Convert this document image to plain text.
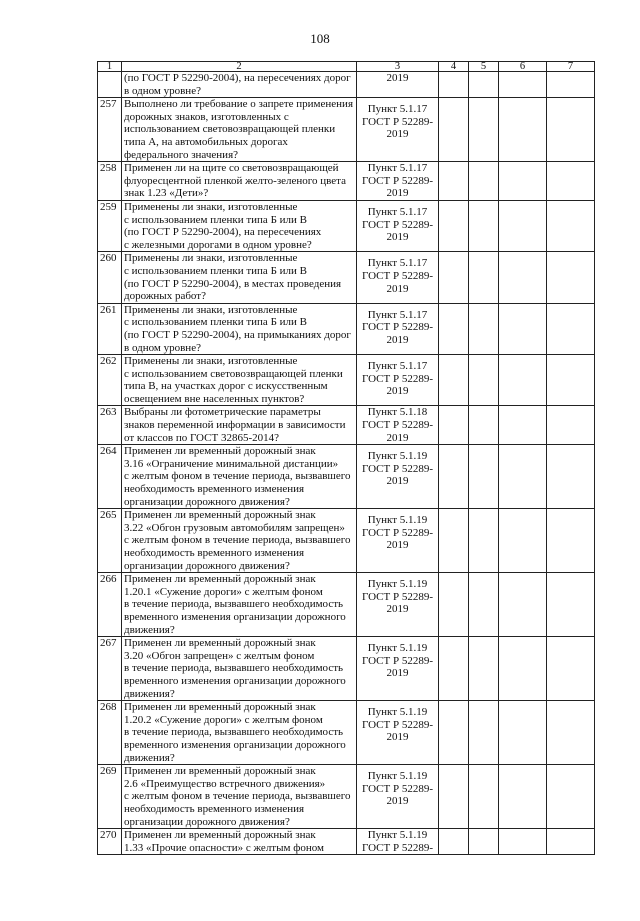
108
1	2	3	4	5	6	7

	(по ГОСТ Р 52290-2004), на пересечениях дорог
в одном уровне?	2019				

257	Выполнено ли требование о запрете применения
дорожных знаков, изготовленных с
использованием световозвращающей пленки
типа А, на автомобильных дорогах
федерального значения?	Пункт 5.1.17
ГОСТ Р 52289-
2019				

258	Применен ли на щите со световозвращающей
флуоресцентной пленкой желто-зеленого цвета
знак 1.23 «Дети»?	Пункт 5.1.17
ГОСТ Р 52289-
2019				

259	Применены ли знаки, изготовленные
с использованием пленки типа Б или В
(по ГОСТ Р 52290-2004), на пересечениях
с железными дорогами в одном уровне?	Пункт 5.1.17
ГОСТ Р 52289-
2019				

260	Применены ли знаки, изготовленные
с использованием пленки типа Б или В
(по ГОСТ Р 52290-2004), в местах проведения
дорожных работ?	Пункт 5.1.17
ГОСТ Р 52289-
2019				

261	Применены ли знаки, изготовленные
с использованием пленки типа Б или В
(по ГОСТ Р 52290-2004), на примыканиях дорог
в одном уровне?	Пункт 5.1.17
ГОСТ Р 52289-
2019				

262	Применены ли знаки, изготовленные
с использованием световозвращающей пленки
типа В, на участках дорог с искусственным
освещением вне населенных пунктов?	Пункт 5.1.17
ГОСТ Р 52289-
2019				

263	Выбраны ли фотометрические параметры
знаков переменной информации в зависимости
от классов по ГОСТ 32865-2014?	Пункт 5.1.18
ГОСТ Р 52289-
2019				

264	Применен ли временный дорожный знак
3.16 «Ограничение минимальной дистанции»
с желтым фоном в течение периода, вызвавшего
необходимость временного изменения
организации дорожного движения?	Пункт 5.1.19
ГОСТ Р 52289-
2019				

265	Применен ли временный дорожный знак
3.22 «Обгон грузовым автомобилям запрещен»
с желтым фоном в течение периода, вызвавшего
необходимость временного изменения
организации дорожного движения?	Пункт 5.1.19
ГОСТ Р 52289-
2019				

266	Применен ли временный дорожный знак
1.20.1 «Сужение дороги» с желтым фоном
в течение периода, вызвавшего необходимость
временного изменения организации дорожного
движения?	Пункт 5.1.19
ГОСТ Р 52289-
2019				

267	Применен ли временный дорожный знак
3.20 «Обгон запрещен» с желтым фоном
в течение периода, вызвавшего необходимость
временного изменения организации дорожного
движения?	Пункт 5.1.19
ГОСТ Р 52289-
2019				

268	Применен ли временный дорожный знак
1.20.2 «Сужение дороги» с желтым фоном
в течение периода, вызвавшего необходимость
временного изменения организации дорожного
движения?	Пункт 5.1.19
ГОСТ Р 52289-
2019				

269	Применен ли временный дорожный знак
2.6 «Преимущество встречного движения»
с желтым фоном в течение периода, вызвавшего
необходимость временного изменения
организации дорожного движения?	Пункт 5.1.19
ГОСТ Р 52289-
2019				

270	Применен ли временный дорожный знак
1.33 «Прочие опасности» с желтым фоном	Пункт 5.1.19
ГОСТ Р 52289-				
